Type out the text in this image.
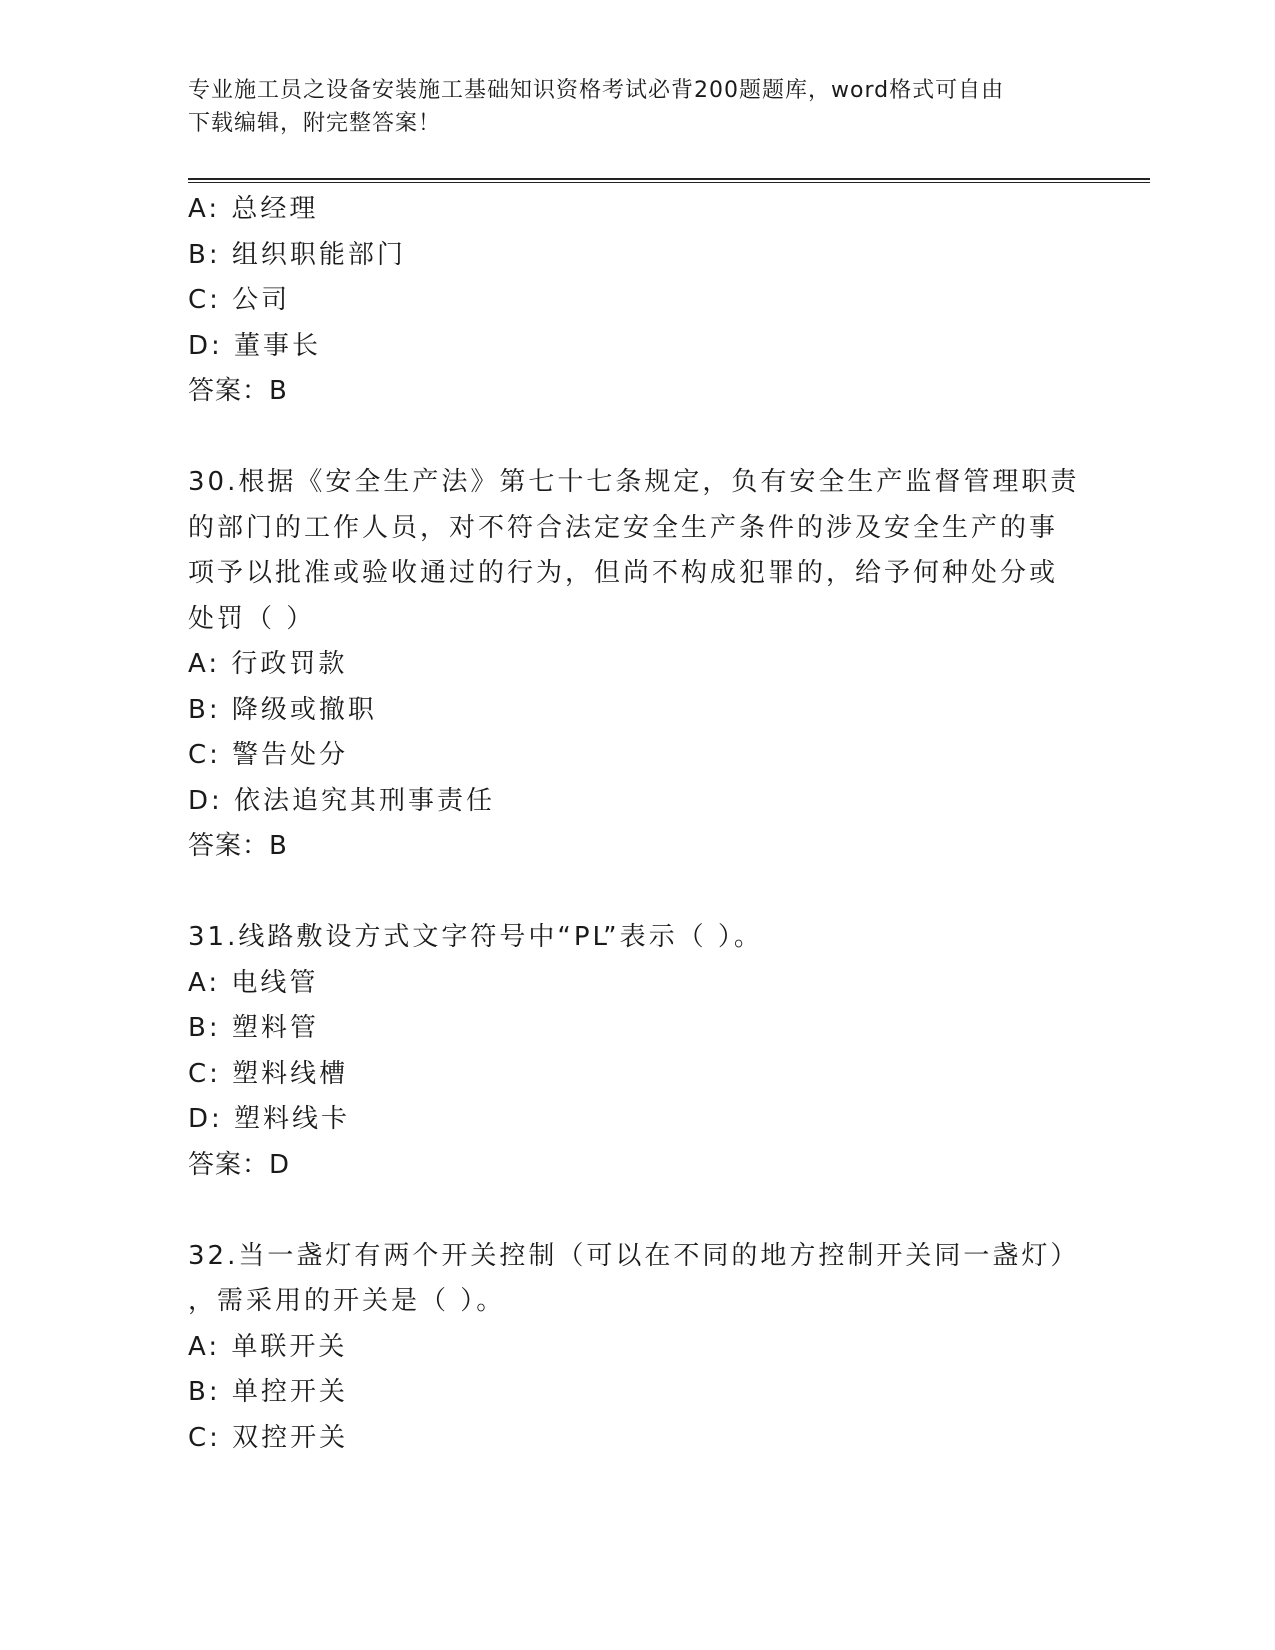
专业施工员之设备安装施工基础知识资格考试必背200题题库，word格式可自由
下载编辑，附完整答案！
A: 总经理
B: 组织职能部门
C: 公司
D: 董事长
答案：B
30.根据《安全生产法》第七十七条规定，负有安全生产监督管理职责
的部门的工作人员，对不符合法定安全生产条件的涉及安全生产的事
项予以批准或验收通过的行为，但尚不构成犯罪的，给予何种处分或
处罚（ ）
A: 行政罚款
B: 降级或撤职
C: 警告处分
D: 依法追究其刑事责任
答案：B
31.线路敷设方式文字符号中“PL”表示（ ）。
A: 电线管
B: 塑料管
C: 塑料线槽
D: 塑料线卡
答案：D
32.当一盏灯有两个开关控制（可以在不同的地方控制开关同一盏灯）
，需采用的开关是（ ）。
A: 单联开关
B: 单控开关
C: 双控开关
